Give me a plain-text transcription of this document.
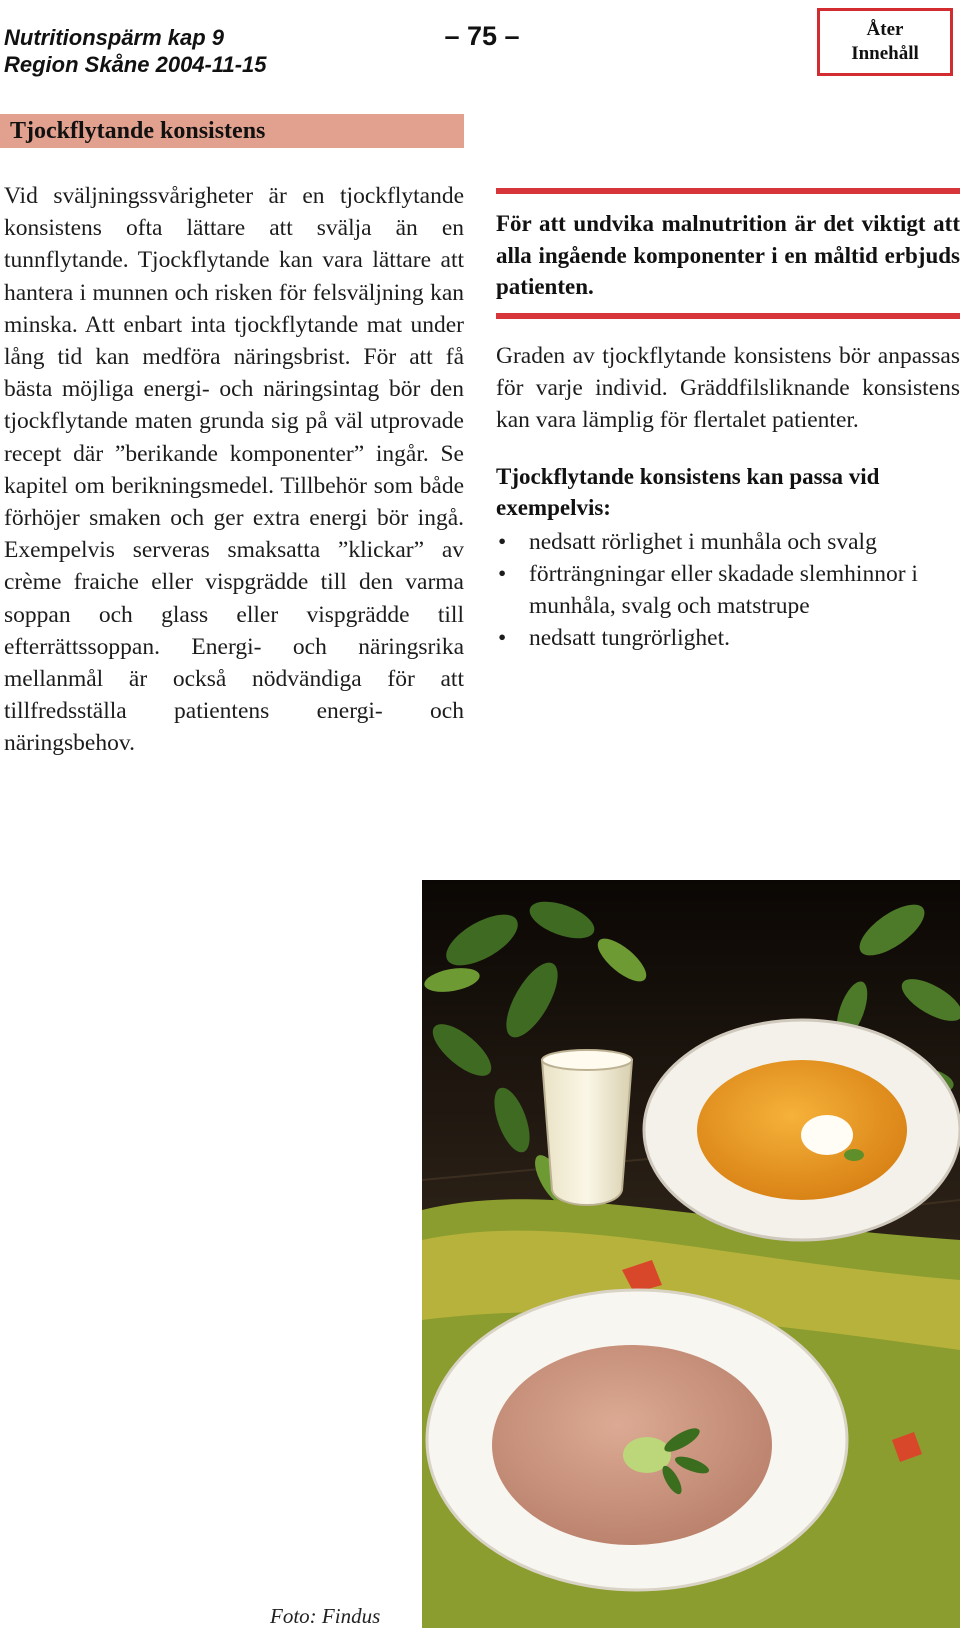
Nutritionspärm kap 9
Region Skåne 2004-11-15
– 75 –	Åter
Innehåll
Tjockflytande konsistens

Vid sväljningssvårigheter är en tjockflytande konsistens ofta lättare att svälja än en tunnflytande. Tjockflytande kan vara lättare att hantera i munnen och risken för felsväljning kan minska. Att enbart inta tjockflytande mat under lång tid kan medföra näringsbrist. För att få bästa möjliga energi- och näringsintag bör den tjockflytande maten grunda sig på väl utprovade recept där ”berikande komponenter” ingår. Se kapitel om berikningsmedel. Tillbehör som både förhöjer smaken och ger extra energi bör ingå. Exempelvis serveras smaksatta ”klickar” av crème fraiche eller vispgrädde till den varma soppan och glass eller vispgrädde till efterrättssoppan. Energi- och näringsrika mellanmål är också nödvändiga för att tillfredsställa patientens energi- och näringsbehov.

För att undvika malnutrition är det viktigt att alla ingående komponenter i en måltid erbjuds patienten.

Graden av tjockflytande konsistens bör anpassas för varje individ. Gräddfilsliknande konsistens kan vara lämplig för flertalet patienter.

Tjockflytande konsistens kan passa vid exempelvis:

• nedsatt rörlighet i munhåla och svalg
• förträngningar eller skadade slemhinnor i munhåla, svalg och matstrupe
• nedsatt tungrörlighet.
Foto: Findus
